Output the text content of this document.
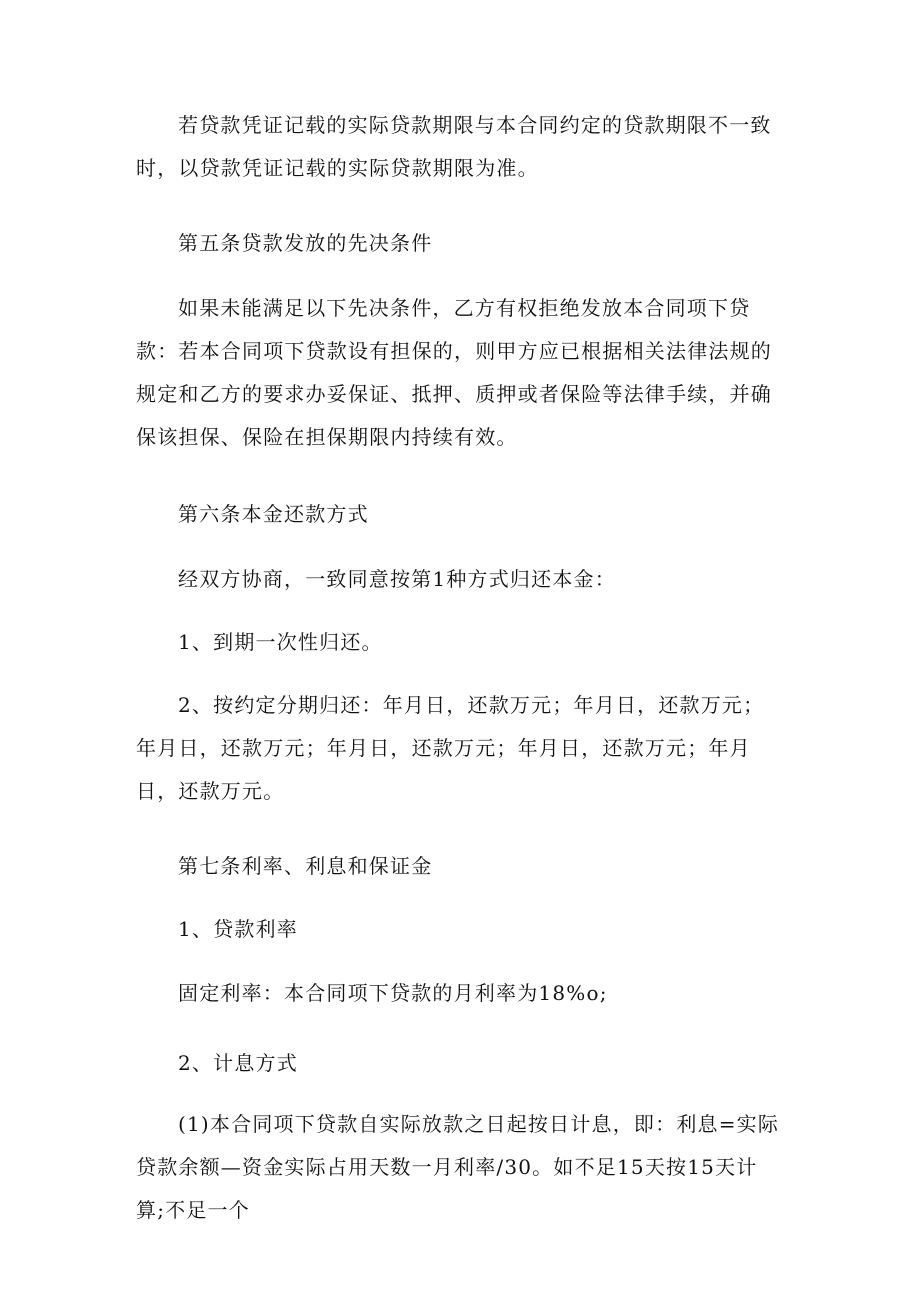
若贷款凭证记载的实际贷款期限与本合同约定的贷款期限不一致时，以贷款凭证记载的实际贷款期限为准。

第五条贷款发放的先决条件

如果未能满足以下先决条件，乙方有权拒绝发放本合同项下贷款：若本合同项下贷款设有担保的，则甲方应已根据相关法律法规的规定和乙方的要求办妥保证、抵押、质押或者保险等法律手续，并确保该担保、保险在担保期限内持续有效。

第六条本金还款方式

经双方协商，一致同意按第1种方式归还本金：

1、到期一次性归还。

2、按约定分期归还：年月日，还款万元；年月日，还款万元；年月日，还款万元；年月日，还款万元；年月日，还款万元；年月日，还款万元。

第七条利率、利息和保证金

1、贷款利率

固定利率：本合同项下贷款的月利率为18%o;

2、计息方式

(1)本合同项下贷款自实际放款之日起按日计息，即：利息=实际贷款余额—资金实际占用天数一月利率/30。如不足15天按15天计算;不足一个
